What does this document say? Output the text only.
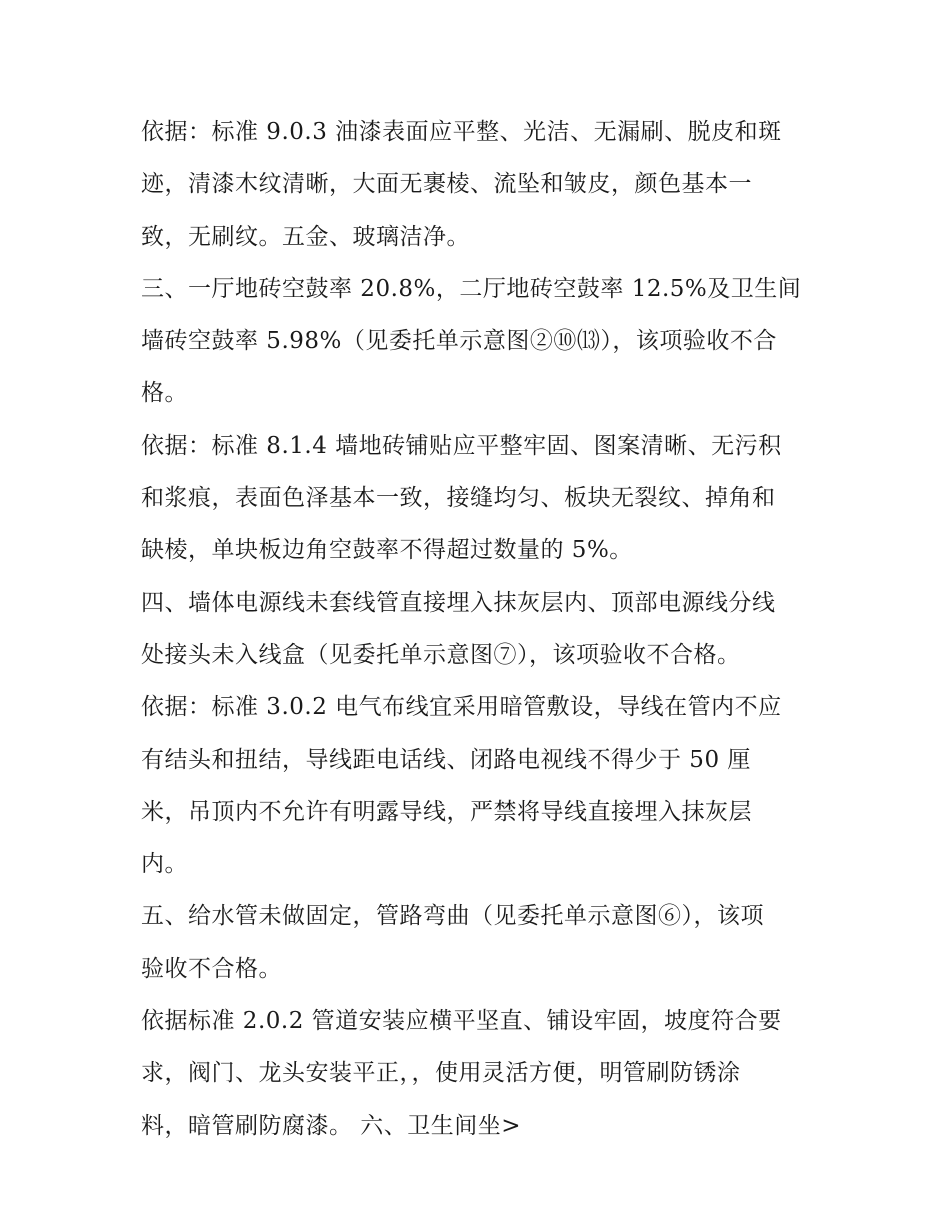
依据：标准 9.0.3 油漆表面应平整、光洁、无漏刷、脱皮和斑
迹，清漆木纹清晰，大面无裹棱、流坠和皱皮，颜色基本一
致，无刷纹。五金、玻璃洁净。
三、一厅地砖空鼓率 20.8%，二厅地砖空鼓率 12.5%及卫生间
墙砖空鼓率 5.98%（见委托单示意图②⑩⒀），该项验收不合
格。
依据：标准 8.1.4 墙地砖铺贴应平整牢固、图案清晰、无污积
和浆痕，表面色泽基本一致，接缝均匀、板块无裂纹、掉角和
缺棱，单块板边角空鼓率不得超过数量的 5%。
四、墙体电源线未套线管直接埋入抹灰层内、顶部电源线分线
处接头未入线盒（见委托单示意图⑦），该项验收不合格。
依据：标准 3.0.2 电气布线宜采用暗管敷设，导线在管内不应
有结头和扭结，导线距电话线、闭路电视线不得少于 50 厘
米，吊顶内不允许有明露导线，严禁将导线直接埋入抹灰层
内。
五、给水管未做固定，管路弯曲（见委托单示意图⑥），该项
验收不合格。
依据标准 2.0.2 管道安装应横平坚直、铺设牢固，坡度符合要
求，阀门、龙头安装平正，，使用灵活方便，明管刷防锈涂
料，暗管刷防腐漆。 六、卫生间坐>
